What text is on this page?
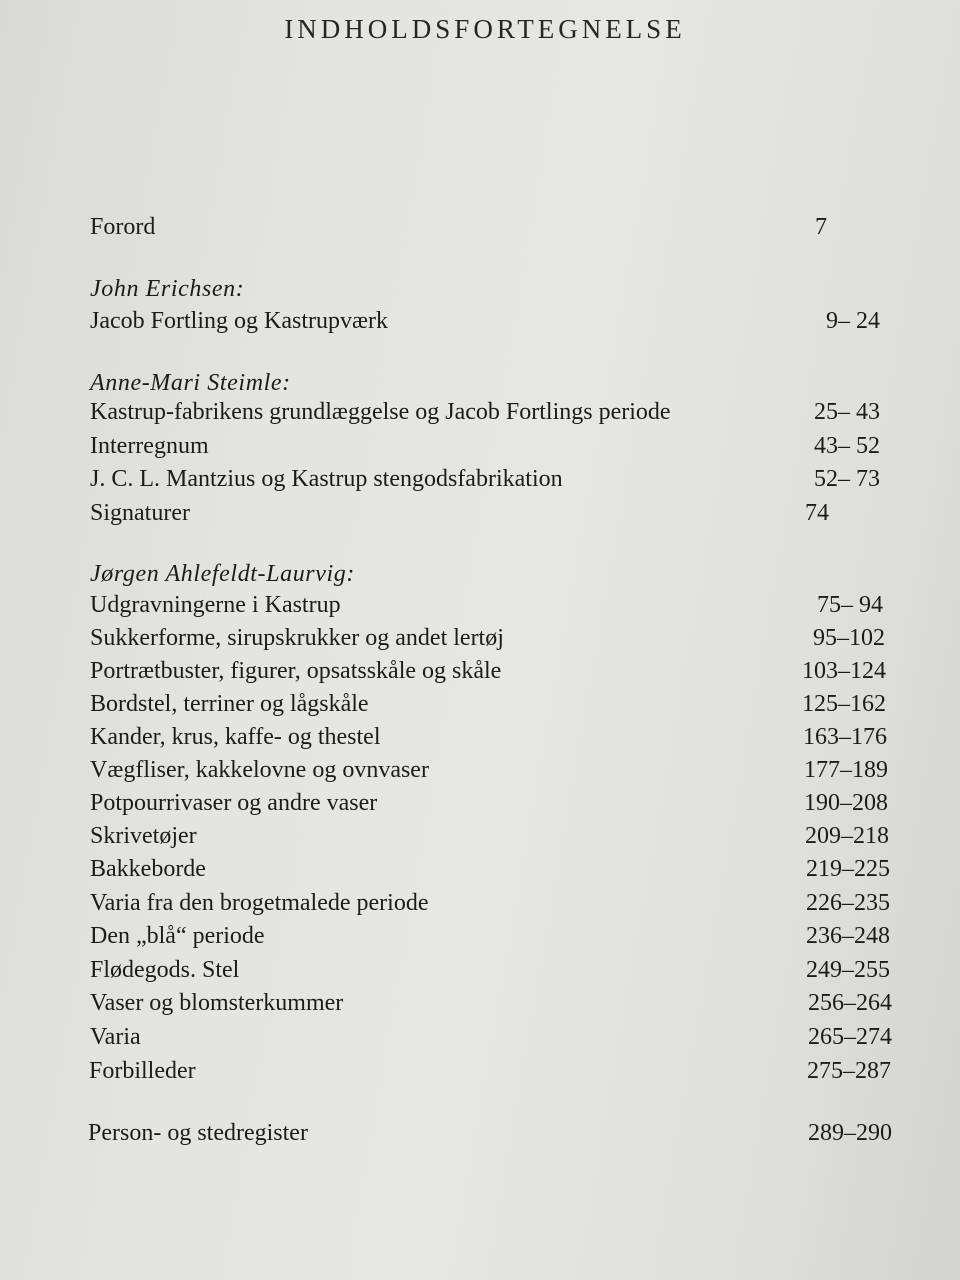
INDHOLDSFORTEGNELSE
Forord	7
John Erichsen:
Jacob Fortling og Kastrupværk	9– 24
Anne-Mari Steimle:
Kastrup-fabrikens grundlæggelse og Jacob Fortlings periode	25– 43
Interregnum	43– 52
J. C. L. Mantzius og Kastrup stengodsfabrikation	52– 73
Signaturer	74
Jørgen Ahlefeldt-Laurvig:
Udgravningerne i Kastrup	75– 94
Sukkerforme, sirupskrukker og andet lertøj	95–102
Portrætbuster, figurer, opsatsskåle og skåle	103–124
Bordstel, terriner og lågskåle	125–162
Kander, krus, kaffe- og thestel	163–176
Vægfliser, kakkelovne og ovnvaser	177–189
Potpourrivaser og andre vaser	190–208
Skrivetøjer	209–218
Bakkeborde	219–225
Varia fra den brogetmalede periode	226–235
Den „blå“ periode	236–248
Flødegods. Stel	249–255
Vaser og blomsterkummer	256–264
Varia	265–274
Forbilleder	275–287
Person- og stedregister	289–290
